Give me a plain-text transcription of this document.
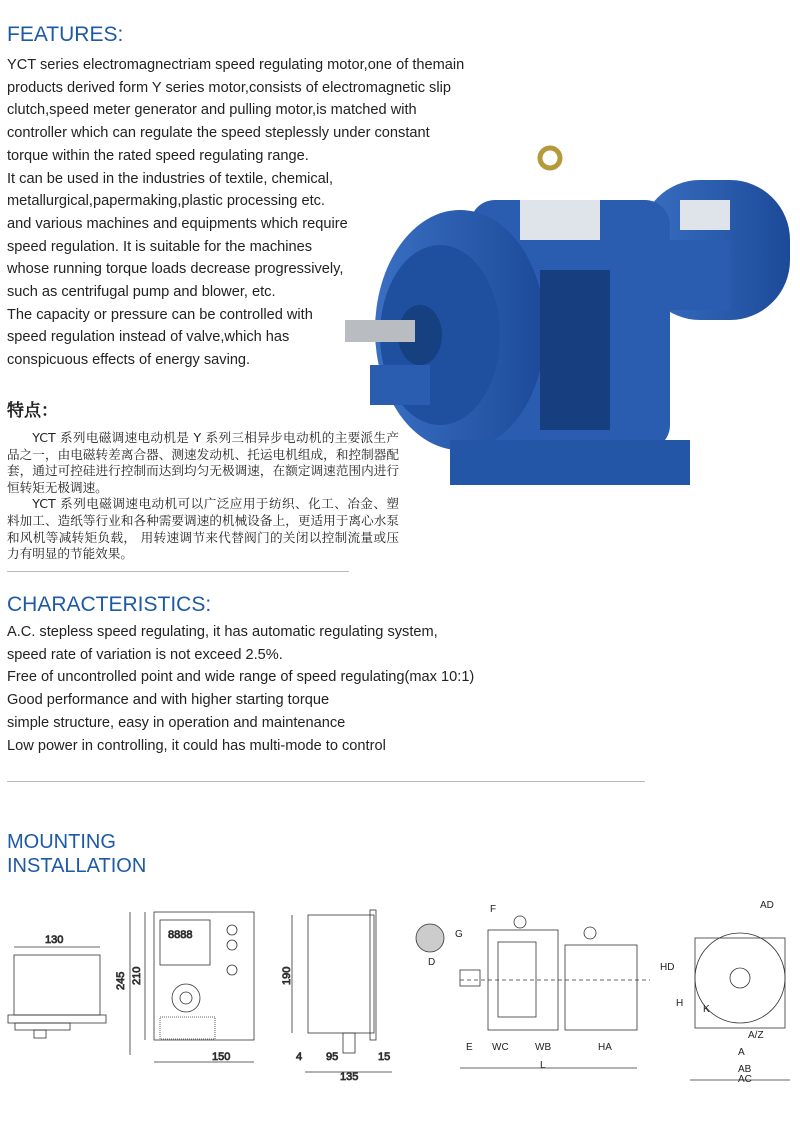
FEATURES:
YCT series electromagnectriam speed regulating motor,one of themain
products derived form Y series motor,consists of electromagnetic slip
clutch,speed meter generator and pulling motor,is matched with
controller which can regulate the speed steplessly under constant
torque within the rated speed regulating range.
It can be used in the industries of textile, chemical,
metallurgical,papermaking,plastic processing etc.
and various machines and equipments which require
speed regulation. It is suitable for the machines
whose running torque loads decrease progressively,
such as centrifugal pump and blower, etc.
The capacity or pressure can be controlled with
speed regulation instead of valve,which has
conspicuous effects of energy saving.
特点：

YCT 系列电磁调速电动机是 Y 系列三相异步电动机的主要派生产品之一，由电磁转差离合器、测速发动机、托运电机组成，和控制器配套，通过可控硅进行控制而达到均匀无极调速，在额定调速范围内进行恒转矩无极调速。

YCT 系列电磁调速电动机可以广泛应用于纺织、化工、冶金、塑料加工、造纸等行业和各种需要调速的机械设备上，更适用于离心水泵和风机等减转矩负载， 用转速调节来代替阀门的关闭以控制流量或压力有明显的节能效果。

CHARACTERISTICS:
A.C. stepless speed regulating, it has automatic regulating system,
speed rate of variation is not exceed 2.5%.
Free of uncontrolled point and wide range of speed regulating(max 10:1)
Good performance and with higher starting torque
simple structure, easy in operation and maintenance
Low power in controlling, it could has multi-mode to control
MOUNTING
INSTALLATION
130	8888
245 210
150
190
4 95	15
135
F
G
D
E WC	WB
L
HA
HD
H
K
AD
A/Z
A
AB
AC
